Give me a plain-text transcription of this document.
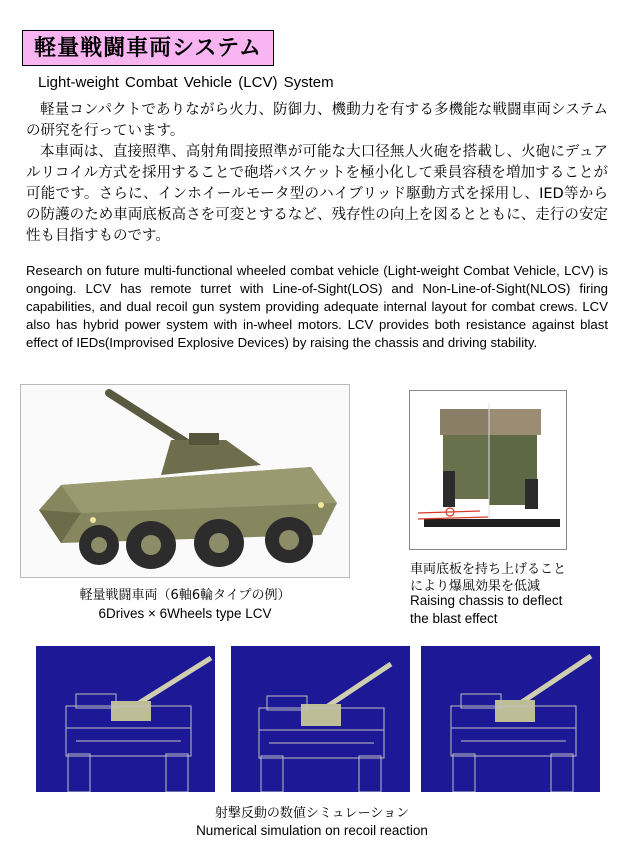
軽量戦闘車両システム
Light-weight Combat Vehicle (LCV) System
軽量コンパクトでありながら火力、防御力、機動力を有する多機能な戦闘車両システムの研究を行っています。
本車両は、直接照準、高射角間接照準が可能な大口径無人火砲を搭載し、火砲にデュアルリコイル方式を採用することで砲塔バスケットを極小化して乗員容積を増加することが可能です。さらに、インホイールモータ型のハイブリッド駆動方式を採用し、IED等からの防護のため車両底板高さを可変とするなど、残存性の向上を図るとともに、走行の安定性も目指すものです。
Research on future multi-functional wheeled combat vehicle (Light-weight Combat Vehicle, LCV) is ongoing. LCV has remote turret with Line-of-Sight(LOS) and Non-Line-of-Sight(NLOS) firing capabilities, and dual recoil gun system providing adequate internal layout for combat crews. LCV also has hybrid power system with in-wheel motors. LCV provides both resistance against blast effect of IEDs(Improvised Explosive Devices) by raising the chassis and driving stability.
軽量戦闘車両（6軸6輪タイプの例）
6Drives × 6Wheels type LCV
車両底板を持ち上げること
により爆風効果を低減
Raising chassis to deflect
the blast effect
射撃反動の数値シミュレーション
Numerical simulation on recoil reaction
